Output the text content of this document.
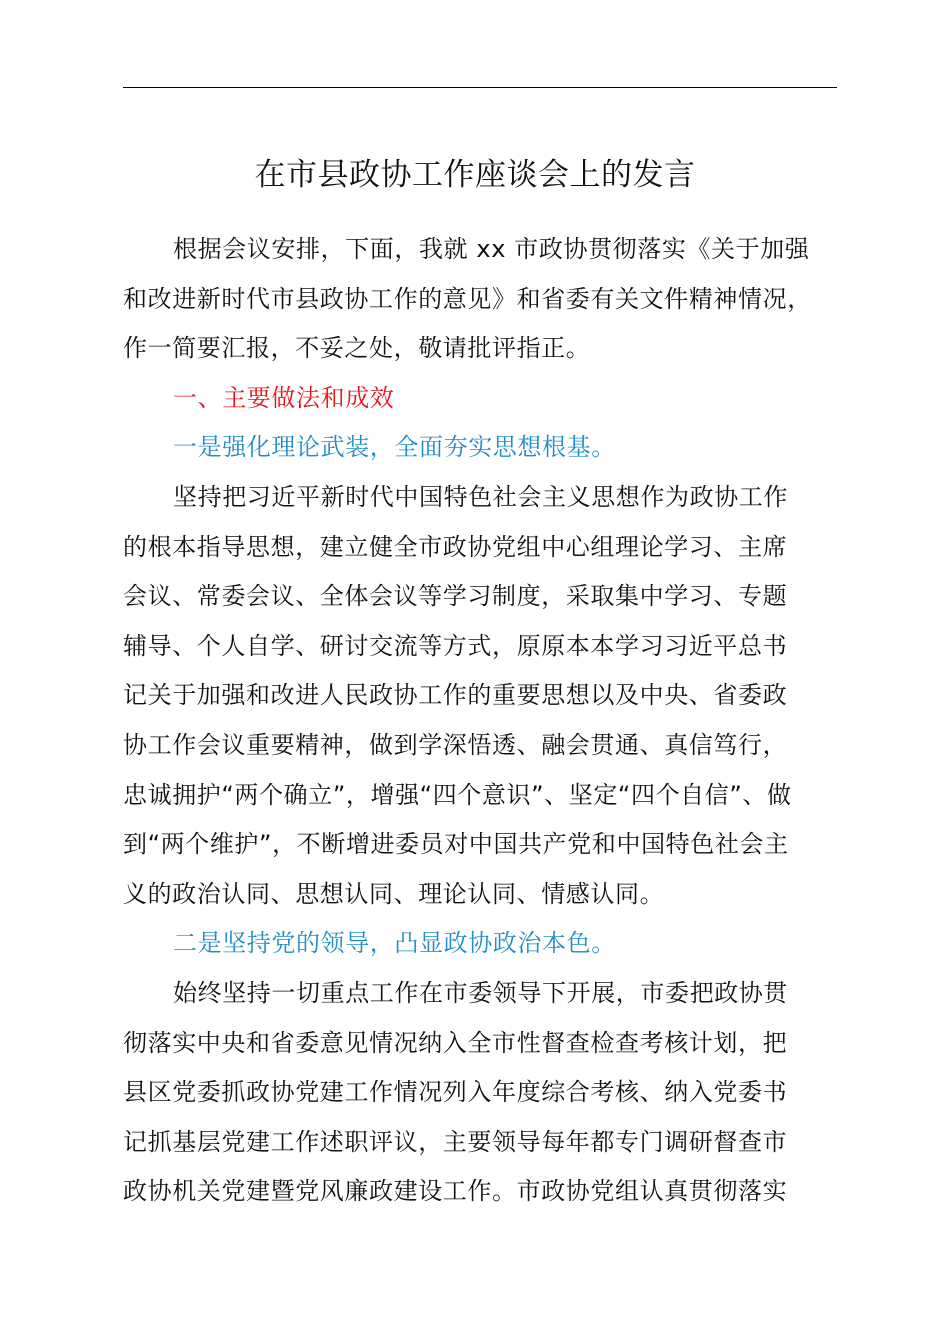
在市县政协工作座谈会上的发言
根据会议安排，下面，我就 xx 市政协贯彻落实《关于加强
和改进新时代市县政协工作的意见》和省委有关文件精神情况，
作一简要汇报，不妥之处，敬请批评指正。
一、主要做法和成效
一是强化理论武装，全面夯实思想根基。
坚持把习近平新时代中国特色社会主义思想作为政协工作
的根本指导思想，建立健全市政协党组中心组理论学习、主席
会议、常委会议、全体会议等学习制度，采取集中学习、专题
辅导、个人自学、研讨交流等方式，原原本本学习习近平总书
记关于加强和改进人民政协工作的重要思想以及中央、省委政
协工作会议重要精神，做到学深悟透、融会贯通、真信笃行，
忠诚拥护“两个确立”，增强“四个意识”、坚定“四个自信”、做
到“两个维护”，不断增进委员对中国共产党和中国特色社会主
义的政治认同、思想认同、理论认同、情感认同。
二是坚持党的领导，凸显政协政治本色。
始终坚持一切重点工作在市委领导下开展，市委把政协贯
彻落实中央和省委意见情况纳入全市性督查检查考核计划，把
县区党委抓政协党建工作情况列入年度综合考核、纳入党委书
记抓基层党建工作述职评议，主要领导每年都专门调研督查市
政协机关党建暨党风廉政建设工作。市政协党组认真贯彻落实
